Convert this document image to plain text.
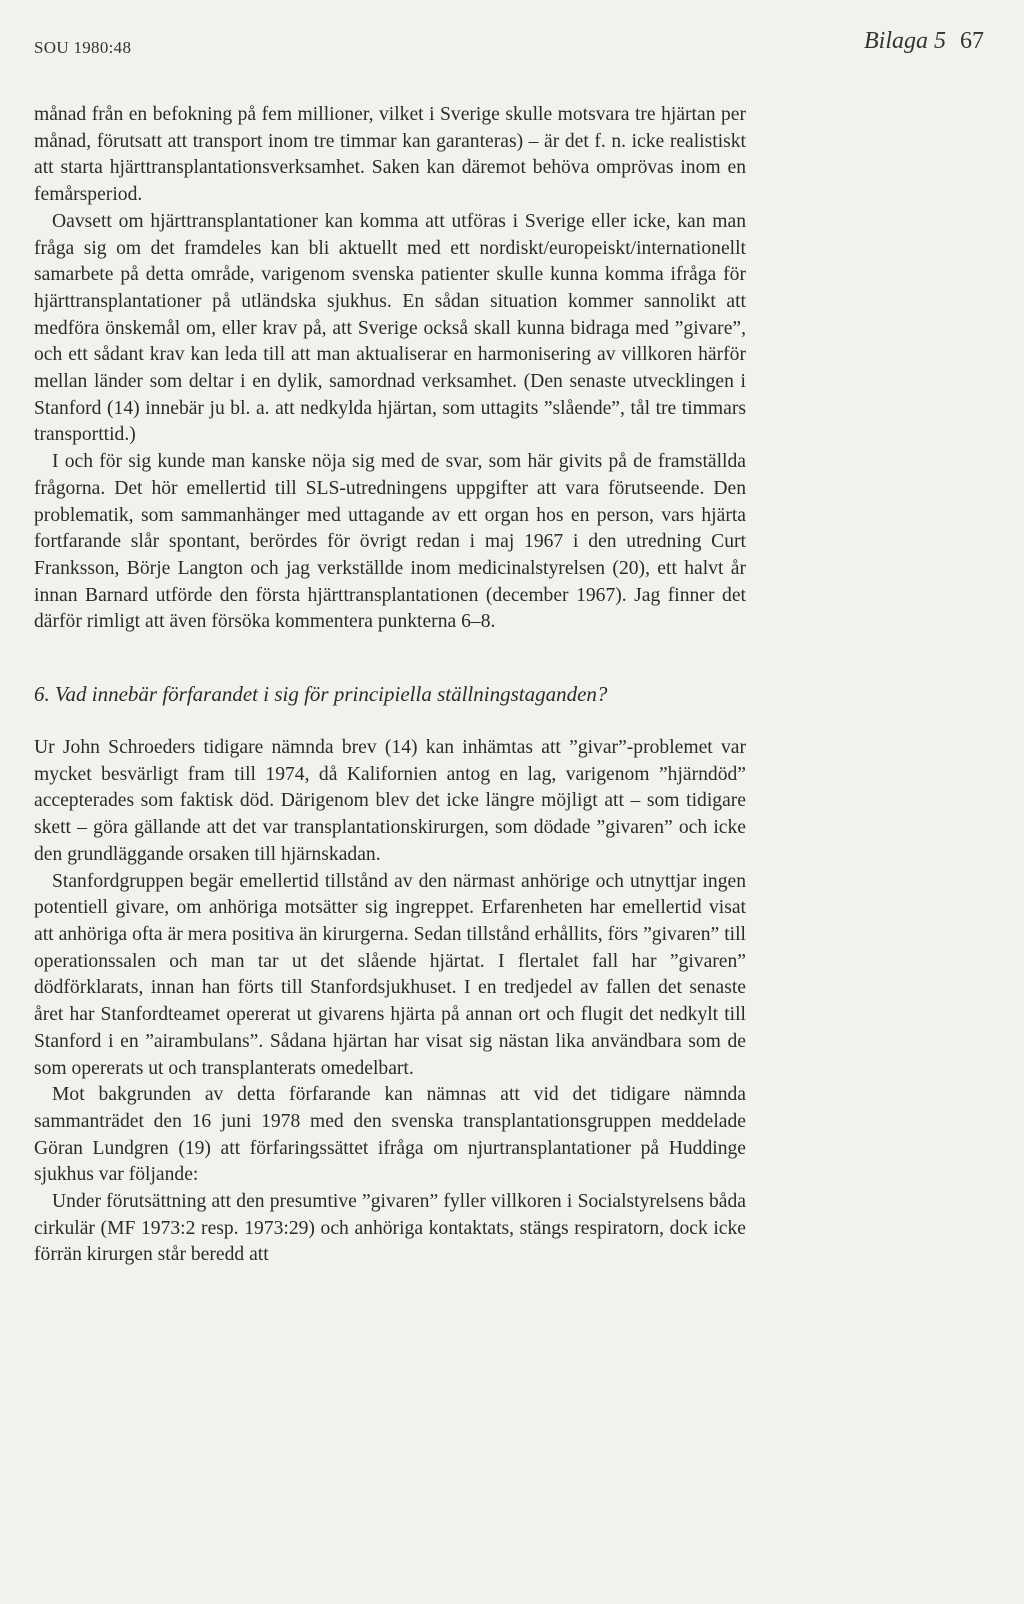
SOU 1980:48	Bilaga 5 67

månad från en befokning på fem millioner, vilket i Sverige skulle motsvara tre hjärtan per månad, förutsatt att transport inom tre timmar kan garanteras) – är det f. n. icke realistiskt att starta hjärttransplantationsverksamhet. Saken kan däremot behöva omprövas inom en femårsperiod.

Oavsett om hjärttransplantationer kan komma att utföras i Sverige eller icke, kan man fråga sig om det framdeles kan bli aktuellt med ett nordiskt/europeiskt/internationellt samarbete på detta område, varigenom svenska patienter skulle kunna komma ifråga för hjärttransplantationer på utländska sjukhus. En sådan situation kommer sannolikt att medföra önskemål om, eller krav på, att Sverige också skall kunna bidraga med ”givare”, och ett sådant krav kan leda till att man aktualiserar en harmonisering av villkoren härför mellan länder som deltar i en dylik, samordnad verksamhet. (Den senaste utvecklingen i Stanford (14) innebär ju bl. a. att nedkylda hjärtan, som uttagits ”slående”, tål tre timmars transporttid.)

I och för sig kunde man kanske nöja sig med de svar, som här givits på de framställda frågorna. Det hör emellertid till SLS-utredningens uppgifter att vara förutseende. Den problematik, som sammanhänger med uttagande av ett organ hos en person, vars hjärta fortfarande slår spontant, berördes för övrigt redan i maj 1967 i den utredning Curt Franksson, Börje Langton och jag verkställde inom medicinalstyrelsen (20), ett halvt år innan Barnard utförde den första hjärttransplantationen (december 1967). Jag finner det därför rimligt att även försöka kommentera punkterna 6–8.

6. Vad innebär förfarandet i sig för principiella ställningstaganden?

Ur John Schroeders tidigare nämnda brev (14) kan inhämtas att ”givar”-problemet var mycket besvärligt fram till 1974, då Kalifornien antog en lag, varigenom ”hjärndöd” accepterades som faktisk död. Därigenom blev det icke längre möjligt att – som tidigare skett – göra gällande att det var transplantationskirurgen, som dödade ”givaren” och icke den grundläggande orsaken till hjärnskadan.

Stanfordgruppen begär emellertid tillstånd av den närmast anhörige och utnyttjar ingen potentiell givare, om anhöriga motsätter sig ingreppet. Erfarenheten har emellertid visat att anhöriga ofta är mera positiva än kirurgerna. Sedan tillstånd erhållits, förs ”givaren” till operationssalen och man tar ut det slående hjärtat. I flertalet fall har ”givaren” dödförklarats, innan han förts till Stanfordsjukhuset. I en tredjedel av fallen det senaste året har Stanfordteamet opererat ut givarens hjärta på annan ort och flugit det nedkylt till Stanford i en ”airambulans”. Sådana hjärtan har visat sig nästan lika användbara som de som opererats ut och transplanterats omedelbart.

Mot bakgrunden av detta förfarande kan nämnas att vid det tidigare nämnda sammanträdet den 16 juni 1978 med den svenska transplantationsgruppen meddelade Göran Lundgren (19) att förfaringssättet ifråga om njurtransplantationer på Huddinge sjukhus var följande:

Under förutsättning att den presumtive ”givaren” fyller villkoren i Socialstyrelsens båda cirkulär (MF 1973:2 resp. 1973:29) och anhöriga kontaktats, stängs respiratorn, dock icke förrän kirurgen står beredd att
